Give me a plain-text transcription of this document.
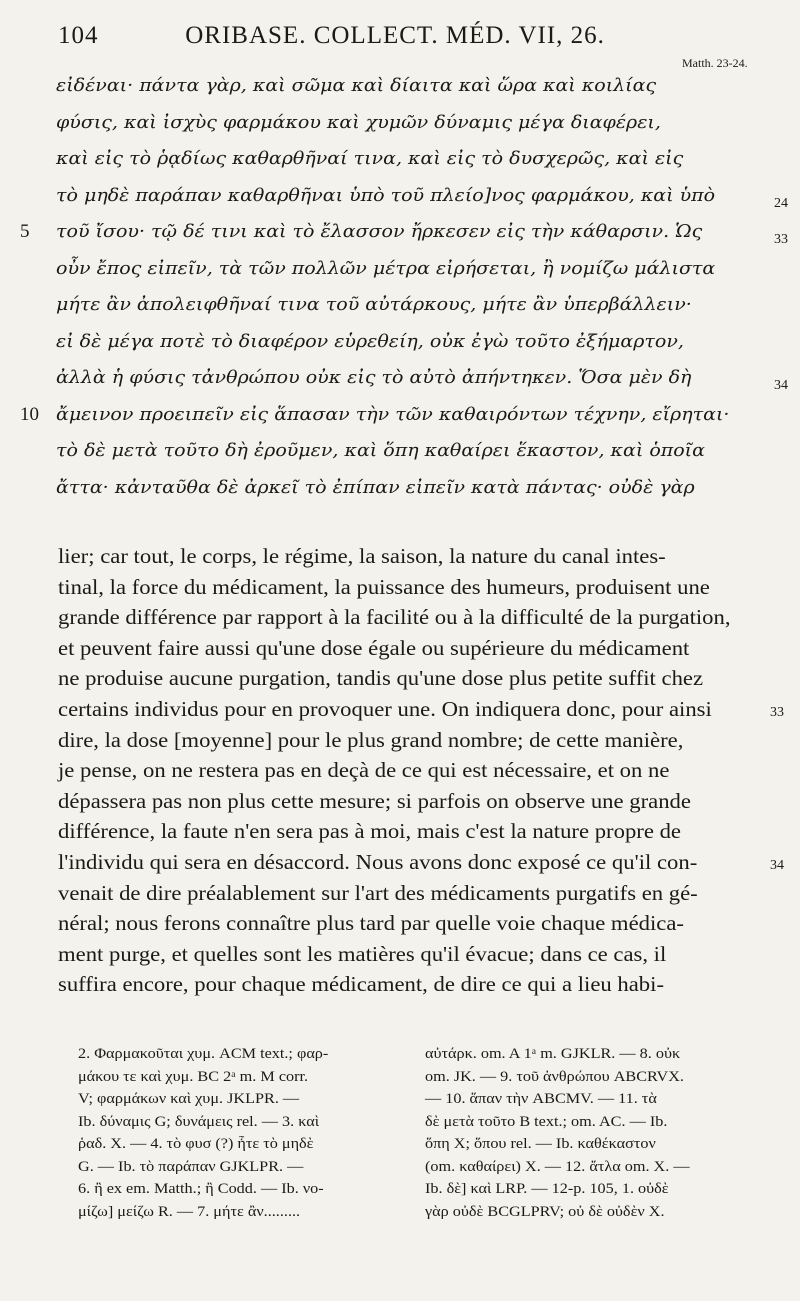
104	ORIBASE. COLLECT. MÉD. VII, 26.
Matth. 23-24.
εἰδέναι· πάντα γὰρ, καὶ σῶμα καὶ δίαιτα καὶ ὥρα καὶ κοιλίας
φύσις, καὶ ἰσχὺς φαρμάκου καὶ χυμῶν δύναμις μέγα διαφέρει,
καὶ εἰς τὸ ῥᾳδίως καθαρθῆναί τινα, καὶ εἰς τὸ δυσχερῶς, καὶ εἰς
τὸ μηδὲ παράπαν καθαρθῆναι ὑπὸ τοῦ πλείο]νος φαρμάκου, καὶ ὑπὸ	24
5 τοῦ ἴσου· τῷ δέ τινι καὶ τὸ ἔλασσον ἤρκεσεν εἰς τὴν κάθαρσιν. Ὡς	33
οὖν ἔπος εἰπεῖν, τὰ τῶν πολλῶν μέτρα εἰρήσεται, ἢ νομίζω μάλιστα
μήτε ἂν ἀπολειφθῆναί τινα τοῦ αὐτάρκους, μήτε ἂν ὑπερβάλλειν·
εἰ δὲ μέγα ποτὲ τὸ διαφέρον εὑρεθείη, οὐκ ἐγὼ τοῦτο ἐξήμαρτον,
ἀλλὰ ἡ φύσις τἀνθρώπου οὐκ εἰς τὸ αὐτὸ ἀπήντηκεν. Ὅσα μὲν δὴ	34
10 ἄμεινον προειπεῖν εἰς ἅπασαν τὴν τῶν καθαιρόντων τέχνην, εἴρηται·
τὸ δὲ μετὰ τοῦτο δὴ ἐροῦμεν, καὶ ὅπη καθαίρει ἕκαστον, καὶ ὁποῖα
ἄττα· κἀνταῦθα δὲ ἀρκεῖ τὸ ἐπίπαν εἰπεῖν κατὰ πάντας· οὐδὲ γὰρ
lier; car tout, le corps, le régime, la saison, la nature du canal intes-
tinal, la force du médicament, la puissance des humeurs, produisent une
grande différence par rapport à la facilité ou à la difficulté de la purgation,
et peuvent faire aussi qu'une dose égale ou supérieure du médicament
ne produise aucune purgation, tandis qu'une dose plus petite suffit chez
certains individus pour en provoquer une. On indiquera donc, pour ainsi	33
dire, la dose [moyenne] pour le plus grand nombre; de cette manière,
je pense, on ne restera pas en deçà de ce qui est nécessaire, et on ne
dépassera pas non plus cette mesure; si parfois on observe une grande
différence, la faute n'en sera pas à moi, mais c'est la nature propre de
l'individu qui sera en désaccord. Nous avons donc exposé ce qu'il con-	34
venait de dire préalablement sur l'art des médicaments purgatifs en gé-
néral; nous ferons connaître plus tard par quelle voie chaque médica-
ment purge, et quelles sont les matières qu'il évacue; dans ce cas, il
suffira encore, pour chaque médicament, de dire ce qui a lieu habi-
2. Φαρμακοῦται χυμ. ACM text.; φαρ-μάκου τε καὶ χυμ. BC 2ᵃ m. M corr.V; φαρμάκων καὶ χυμ. JKLPR. —Ib. δύναμις G; δυνάμεις rel. — 3. καὶῥαδ. X. — 4. τὸ φυσ (?) ἧτε τὸ μηδὲG. — Ib. τὸ παράπαν GJKLPR. —6. ἢ ex em. Matth.; ἢ Codd. — Ib. νο-μίζω] μείζω R. — 7. μήτε ἂν.........
αὐτάρκ. om. A 1ᵃ m. GJKLR. — 8. οὐκom. JK. — 9. τοῦ ἀνθρώπου ABCRVX.— 10. ἅπαν τὴν ABCMV. — 11. τὰδὲ μετὰ τοῦτο B text.; om. AC. — Ib.ὅπη X; ὅπου rel. — Ib. καθέκαστον(om. καθαίρει) X. — 12. ἄτλα om. X. —Ib. δὲ] καὶ LRP. — 12-p. 105, 1. οὐδὲγὰρ οὐδὲ BCGLPRV; οὐ δὲ οὐδὲν X.
